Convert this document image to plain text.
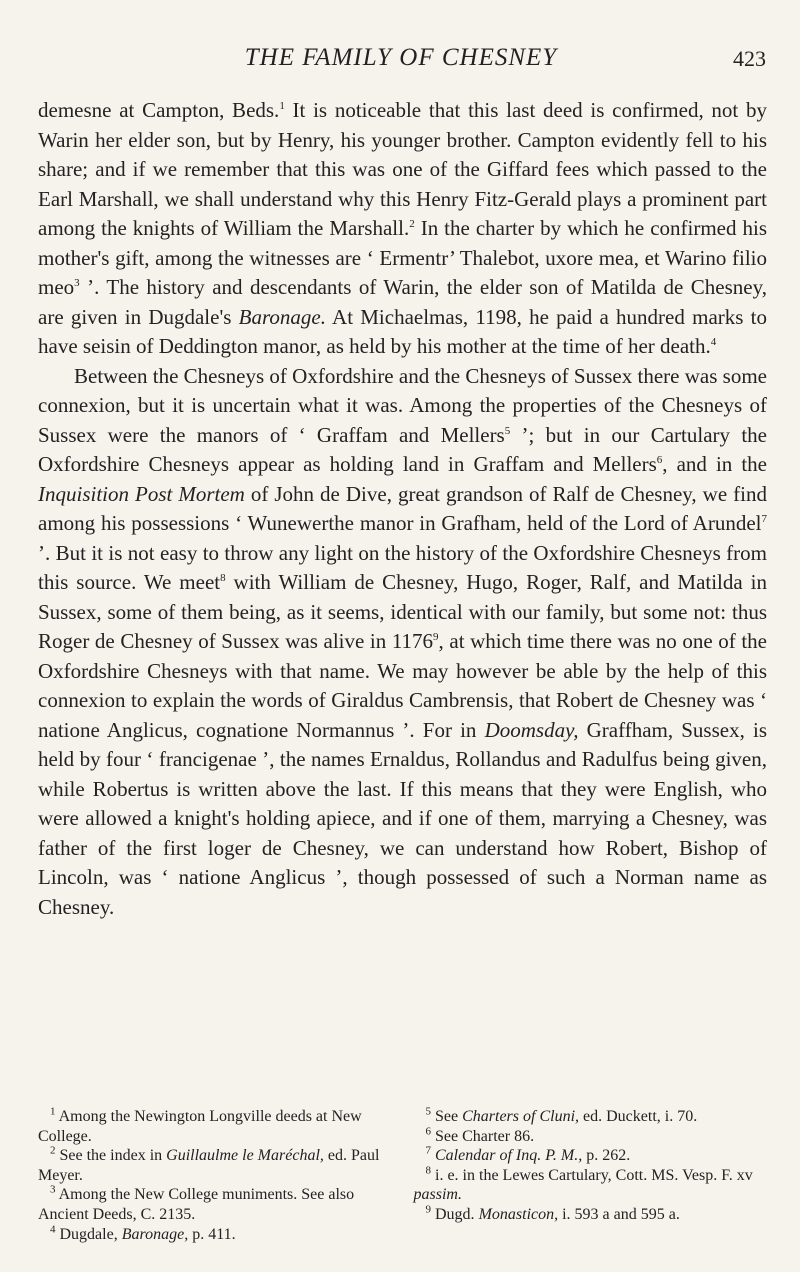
THE FAMILY OF CHESNEY	423

demesne at Campton, Beds.$^1$ It is noticeable that this last deed is confirmed, not by Warin her elder son, but by Henry, his younger brother. Campton evidently fell to his share; and if we remember that this was one of the Giffard fees which passed to the Earl Marshall, we shall understand why this Henry Fitz-Gerald plays a prominent part among the knights of William the Marshall.$^2$ In the charter by which he confirmed his mother's gift, among the witnesses are ‘ Ermentr’ Thalebot, uxore mea, et Warino filio meo$^3$ ’. The history and descendants of Warin, the elder son of Matilda de Chesney, are given in Dugdale's Baronage. At Michaelmas, 1198, he paid a hundred marks to have seisin of Deddington manor, as held by his mother at the time of her death.$^4$

Between the Chesneys of Oxfordshire and the Chesneys of Sussex there was some connexion, but it is uncertain what it was. Among the properties of the Chesneys of Sussex were the manors of ‘ Graffam and Mellers$^5$ ’; but in our Cartulary the Oxfordshire Chesneys appear as holding land in Graffam and Mellers$^6$, and in the Inquisition Post Mortem of John de Dive, great grandson of Ralf de Chesney, we find among his possessions ‘ Wunewerthe manor in Grafham, held of the Lord of Arundel$^7$ ’. But it is not easy to throw any light on the history of the Oxfordshire Chesneys from this source. We meet$^8$ with William de Chesney, Hugo, Roger, Ralf, and Matilda in Sussex, some of them being, as it seems, identical with our family, but some not: thus Roger de Chesney of Sussex was alive in 1176$^9$, at which time there was no one of the Oxfordshire Chesneys with that name. We may however be able by the help of this connexion to explain the words of Giraldus Cambrensis, that Robert de Chesney was ‘ natione Anglicus, cognatione Normannus ’. For in Doomsday, Graffham, Sussex, is held by four ‘ francigenae ’, the names Ernaldus, Rollandus and Radulfus being given, while Robertus is written above the last. If this means that they were English, who were allowed a knight's holding apiece, and if one of them, marrying a Chesney, was father of the first loger de Chesney, we can understand how Robert, Bishop of Lincoln, was ‘ natione Anglicus ’, though possessed of such a Norman name as Chesney.

$^1$ Among the Newington Longville deeds at New College.

$^2$ See the index in Guillaulme le Maréchal, ed. Paul Meyer.

$^3$ Among the New College muniments. See also Ancient Deeds, C. 2135.

$^4$ Dugdale, Baronage, p. 411.

$^5$ See Charters of Cluni, ed. Duckett, i. 70.

$^6$ See Charter 86.

$^7$ Calendar of Inq. P. M., p. 262.

$^8$ i. e. in the Lewes Cartulary, Cott. MS. Vesp. F. xv passim.

$^9$ Dugd. Monasticon, i. 593 a and 595 a.
